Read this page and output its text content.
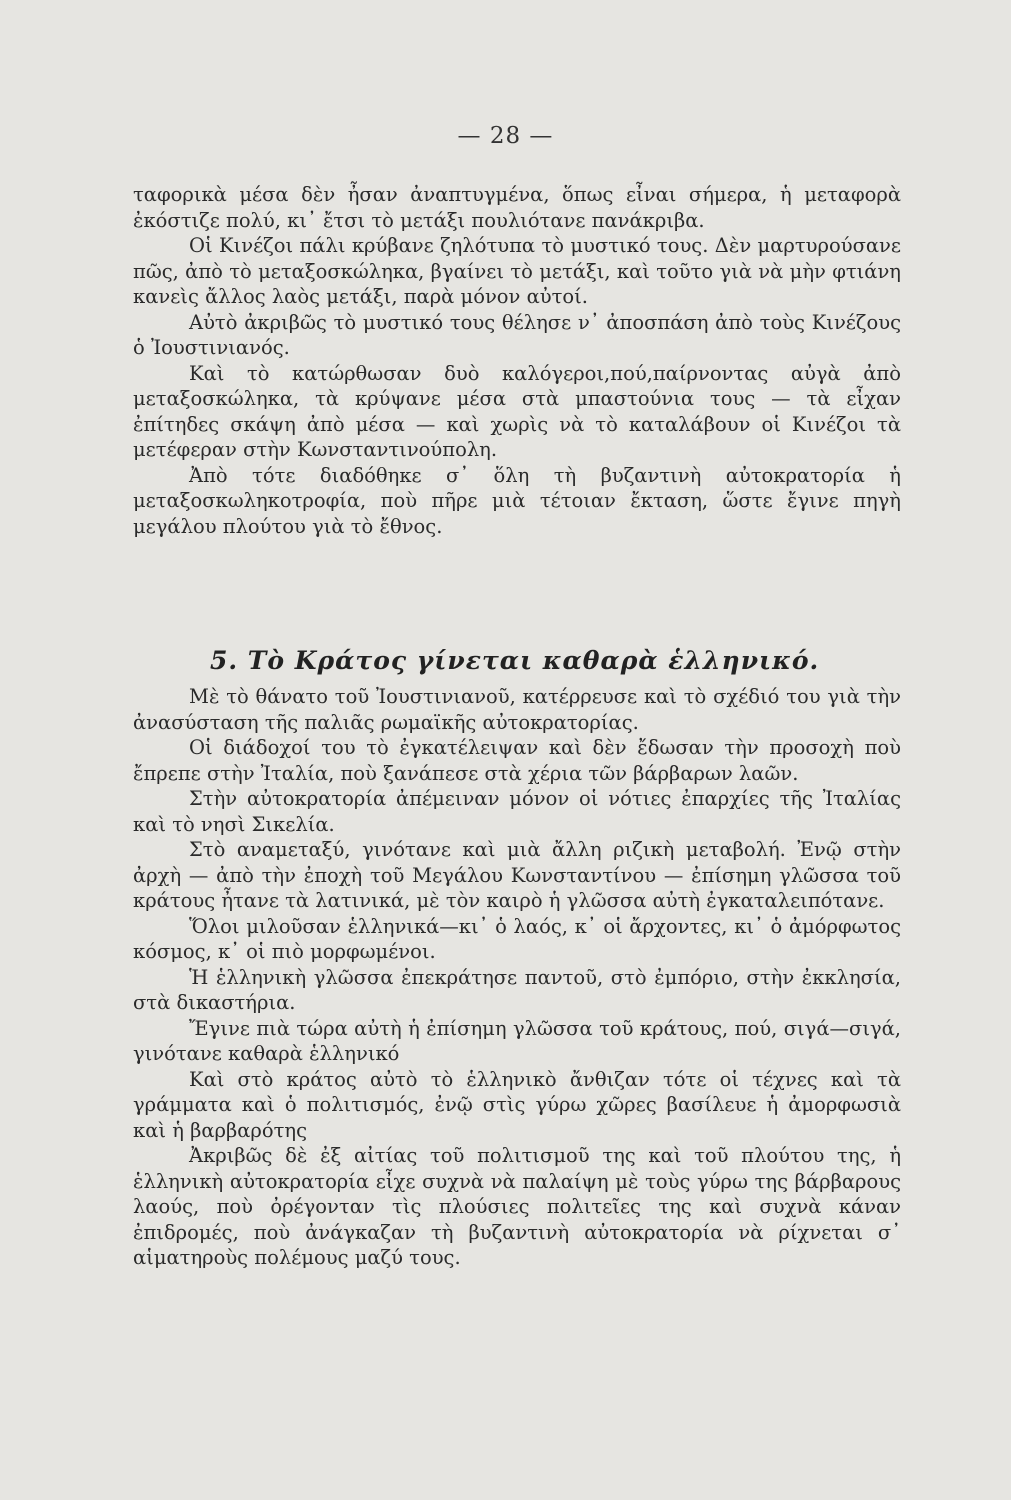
— 28 —

ταφορικὰ μέσα δὲν ἦσαν ἀναπτυγμένα, ὅπως εἶναι σήμερα, ἡ μεταφορὰ ἐκόστιζε πολύ, κι᾽ ἔτσι τὸ μετάξι πουλιότανε πανάκριβα.

Οἱ Κινέζοι πάλι κρύβανε ζηλότυπα τὸ μυστικό τους. Δὲν μαρτυρούσανε πῶς, ἀπὸ τὸ μεταξοσκώληκα, βγαίνει τὸ μετάξι, καὶ τοῦτο γιὰ νὰ μὴν φτιάνη κανεὶς ἄλλος λαὸς μετάξι, παρὰ μόνον αὐτοί.

Αὐτὸ ἀκριβῶς τὸ μυστικό τους θέλησε ν᾽ ἀποσπάση ἀπὸ τοὺς Κινέζους ὁ Ἰουστινιανός.

Καὶ τὸ κατώρθωσαν δυὸ καλόγεροι,πού,παίρνοντας αὐγὰ ἀπὸ μεταξοσκώληκα, τὰ κρύψανε μέσα στὰ μπαστούνια τους — τὰ εἶχαν ἐπίτηδες σκάψη ἀπὸ μέσα — καὶ χωρὶς νὰ τὸ καταλάβουν οἱ Κινέζοι τὰ μετέφεραν στὴν Κωνσταντινούπολη.

Ἀπὸ τότε διαδόθηκε σ᾽ ὅλη τὴ βυζαντινὴ αὐτοκρατορία ἡ μεταξοσκωληκοτροφία, ποὺ πῆρε μιὰ τέτοιαν ἔκταση, ὥστε ἔγινε πηγὴ μεγάλου πλούτου γιὰ τὸ ἔθνος.

5. Τὸ Κράτος γίνεται καθαρὰ ἑλληνικό.

Μὲ τὸ θάνατο τοῦ Ἰουστινιανοῦ, κατέρρευσε καὶ τὸ σχέδιό του γιὰ τὴν ἀνασύσταση τῆς παλιᾶς ρωμαϊκῆς αὐτοκρατορίας.

Οἱ διάδοχοί του τὸ ἐγκατέλειψαν καὶ δὲν ἔδωσαν τὴν προσοχὴ ποὺ ἔπρεπε στὴν Ἰταλία, ποὺ ξανάπεσε στὰ χέρια τῶν βάρβαρων λαῶν.

Στὴν αὐτοκρατορία ἀπέμειναν μόνον οἱ νότιες ἐπαρχίες τῆς Ἰταλίας καὶ τὸ νησὶ Σικελία.

Στὸ αναμεταξύ, γινότανε καὶ μιὰ ἄλλη ριζικὴ μεταβολή. Ἐνῷ στὴν ἀρχὴ — ἀπὸ τὴν ἐποχὴ τοῦ Μεγάλου Κωνσταντίνου — ἐπίσημη γλῶσσα τοῦ κράτους ἦτανε τὰ λατινικά, μὲ τὸν καιρὸ ἡ γλῶσσα αὐτὴ ἐγκαταλειπότανε.

Ὅλοι μιλοῦσαν ἑλληνικά—κι᾽ ὁ λαός, κ᾽ οἱ ἄρχοντες, κι᾽ ὁ ἀμόρφωτος κόσμος, κ᾽ οἱ πιὸ μορφωμένοι.

Ἡ ἑλληνικὴ γλῶσσα ἐπεκράτησε παντοῦ, στὸ ἐμπόριο, στὴν ἐκκλησία, στὰ δικαστήρια.

Ἔγινε πιὰ τώρα αὐτὴ ἡ ἐπίσημη γλῶσσα τοῦ κράτους, πού, σιγά—σιγά, γινότανε καθαρὰ ἑλληνικό

Καὶ στὸ κράτος αὐτὸ τὸ ἑλληνικὸ ἄνθιζαν τότε οἱ τέχνες καὶ τὰ γράμματα καὶ ὁ πολιτισμός, ἐνῷ στὶς γύρω χῶρες βασίλευε ἡ ἀμορφωσιὰ καὶ ἡ βαρβαρότης

Ἀκριβῶς δὲ ἐξ αἰτίας τοῦ πολιτισμοῦ της καὶ τοῦ πλούτου της, ἡ ἑλληνικὴ αὐτοκρατορία εἶχε συχνὰ νὰ παλαίψη μὲ τοὺς γύρω της βάρβαρους λαούς, ποὺ ὀρέγονταν τὶς πλούσιες πολιτεῖες της καὶ συχνὰ κάναν ἐπιδρομές, ποὺ ἀνάγκαζαν τὴ βυζαντινὴ αὐτοκρατορία νὰ ρίχνεται σ᾽ αἱματηροὺς πολέμους μαζύ τους.
